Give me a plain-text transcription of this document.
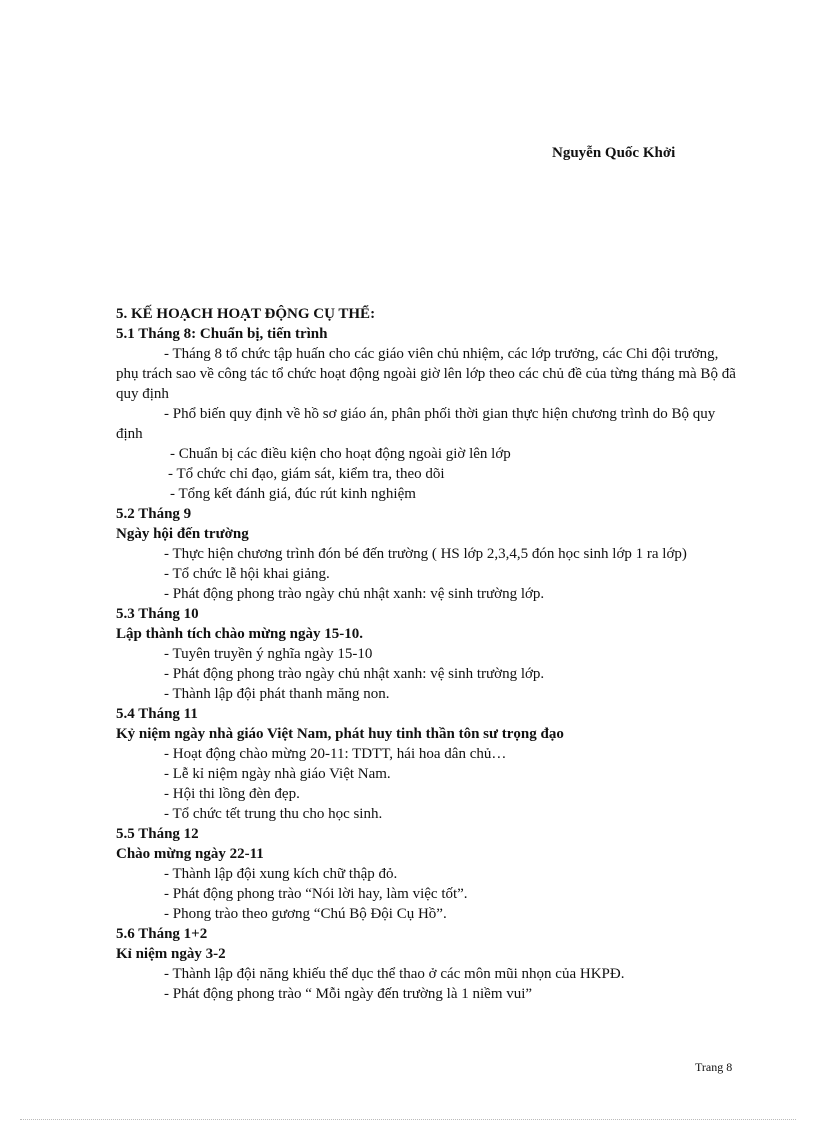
Nguyễn Quốc Khởi
5. KẾ HOẠCH HOẠT ĐỘNG CỤ THỂ:
5.1 Tháng 8: Chuẩn bị, tiến trình
- Tháng 8 tổ chức tập huấn cho các giáo viên chủ nhiệm, các lớp trưởng, các Chi đội trưởng, phụ trách sao về công tác tổ chức hoạt động ngoài giờ lên lớp theo các chủ đề của từng tháng mà Bộ đã quy định
- Phổ biến quy định về hồ sơ giáo án, phân phối thời gian thực hiện chương trình do Bộ quy định
- Chuẩn bị các điều kiện cho hoạt động ngoài giờ lên lớp
- Tổ chức chỉ đạo, giám sát, kiểm tra, theo dõi
- Tổng kết đánh giá, đúc rút kinh nghiệm
5.2 Tháng 9
Ngày hội đến trường
- Thực hiện chương trình đón bé đến trường ( HS lớp 2,3,4,5 đón học sinh lớp 1 ra lớp)
- Tổ chức lễ hội khai giảng.
- Phát động phong trào ngày chủ nhật xanh: vệ sinh trường lớp.
5.3 Tháng 10
Lập thành tích chào mừng ngày 15-10.
- Tuyên truyền ý nghĩa ngày 15-10
- Phát động phong trào ngày chủ nhật xanh: vệ sinh trường lớp.
- Thành lập đội phát thanh măng non.
5.4 Tháng 11
Kỷ niệm ngày nhà giáo Việt Nam, phát huy tinh thần tôn sư trọng đạo
- Hoạt động chào mừng 20-11: TDTT, hái hoa dân chủ…
- Lễ kỉ niệm ngày nhà giáo Việt Nam.
- Hội thi lồng đèn đẹp.
- Tổ chức tết trung thu cho học sinh.
5.5 Tháng 12
Chào mừng ngày 22-11
- Thành lập đội xung kích chữ thập đỏ.
- Phát động phong trào “Nói lời hay, làm việc tốt”.
- Phong trào theo gương “Chú Bộ Đội Cụ Hồ”.
5.6 Tháng 1+2
Kỉ niệm ngày 3-2
- Thành lập đội năng khiếu thể dục thể thao ở các môn mũi nhọn của HKPĐ.
- Phát động phong trào “ Mỗi ngày đến trường là 1 niềm vui”
Trang 8
